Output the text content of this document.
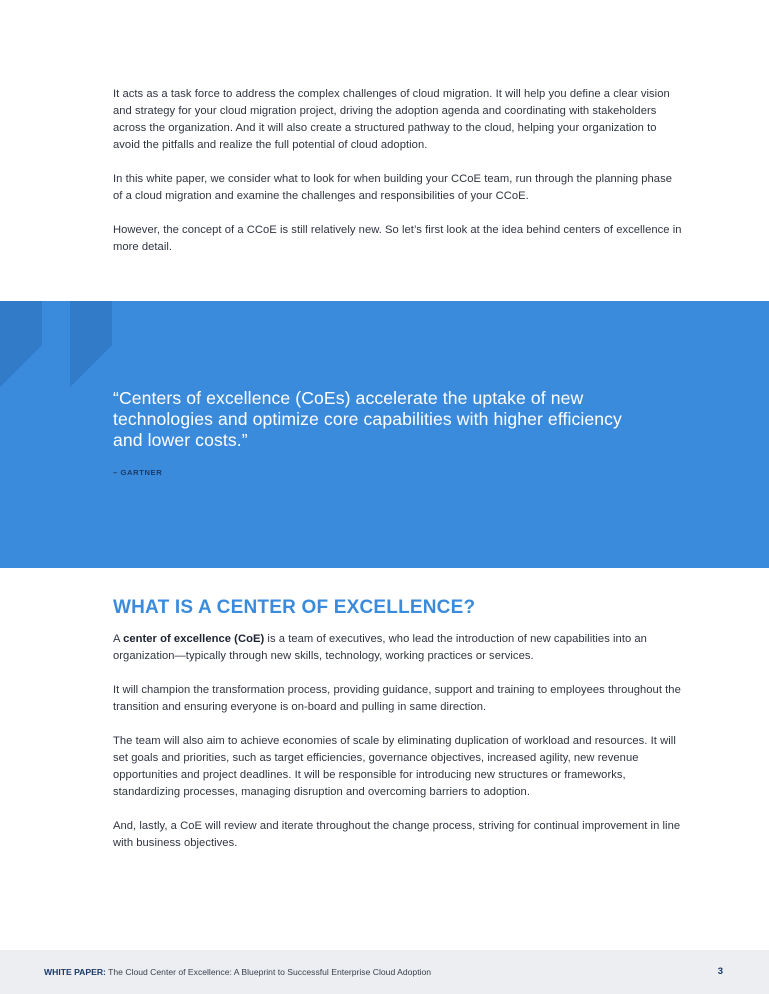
It acts as a task force to address the complex challenges of cloud migration. It will help you define a clear vision and strategy for your cloud migration project, driving the adoption agenda and coordinating with stakeholders across the organization. And it will also create a structured pathway to the cloud, helping your organization to avoid the pitfalls and realize the full potential of cloud adoption.

In this white paper, we consider what to look for when building your CCoE team, run through the planning phase of a cloud migration and examine the challenges and responsibilities of your CCoE.

However, the concept of a CCoE is still relatively new. So let’s first look at the idea behind centers of excellence in more detail.

“Centers of excellence (CoEs) accelerate the uptake of new technologies and optimize core capabilities with higher efficiency and lower costs.”
– GARTNER
WHAT IS A CENTER OF EXCELLENCE?

A center of excellence (CoE) is a team of executives, who lead the introduction of new capabilities into an organization—typically through new skills, technology, working practices or services.

It will champion the transformation process, providing guidance, support and training to employees throughout the transition and ensuring everyone is on-board and pulling in same direction.

The team will also aim to achieve economies of scale by eliminating duplication of workload and resources. It will set goals and priorities, such as target efficiencies, governance objectives, increased agility, new revenue opportunities and project deadlines. It will be responsible for introducing new structures or frameworks, standardizing processes, managing disruption and overcoming barriers to adoption.

And, lastly, a CoE will review and iterate throughout the change process, striving for continual improvement in line with business objectives.

WHITE PAPER: The Cloud Center of Excellence: A Blueprint to Successful Enterprise Cloud Adoption	3
